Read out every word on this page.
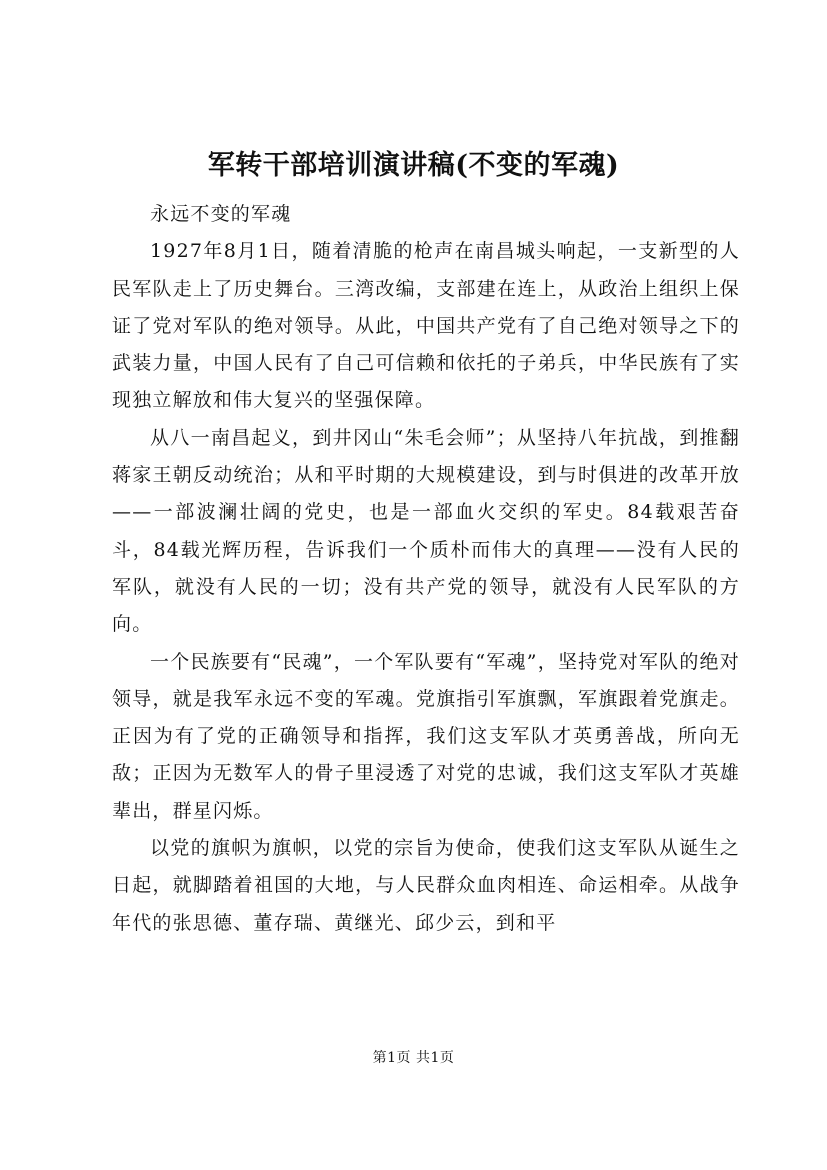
军转干部培训演讲稿(不变的军魂)

永远不变的军魂

1927年8月1日，随着清脆的枪声在南昌城头响起，一支新型的人民军队走上了历史舞台。三湾改编，支部建在连上，从政治上组织上保证了党对军队的绝对领导。从此，中国共产党有了自己绝对领导之下的武装力量，中国人民有了自己可信赖和依托的子弟兵，中华民族有了实现独立解放和伟大复兴的坚强保障。

从八一南昌起义，到井冈山“朱毛会师”；从坚持八年抗战，到推翻蒋家王朝反动统治；从和平时期的大规模建设，到与时俱进的改革开放——一部波澜壮阔的党史，也是一部血火交织的军史。84载艰苦奋斗，84载光辉历程，告诉我们一个质朴而伟大的真理——没有人民的军队，就没有人民的一切；没有共产党的领导，就没有人民军队的方向。

一个民族要有“民魂”，一个军队要有“军魂”，坚持党对军队的绝对领导，就是我军永远不变的军魂。党旗指引军旗飘，军旗跟着党旗走。正因为有了党的正确领导和指挥，我们这支军队才英勇善战，所向无敌；正因为无数军人的骨子里浸透了对党的忠诚，我们这支军队才英雄辈出，群星闪烁。

以党的旗帜为旗帜，以党的宗旨为使命，使我们这支军队从诞生之日起，就脚踏着祖国的大地，与人民群众血肉相连、命运相牵。从战争年代的张思德、董存瑞、黄继光、邱少云，到和平

第1页 共1页
